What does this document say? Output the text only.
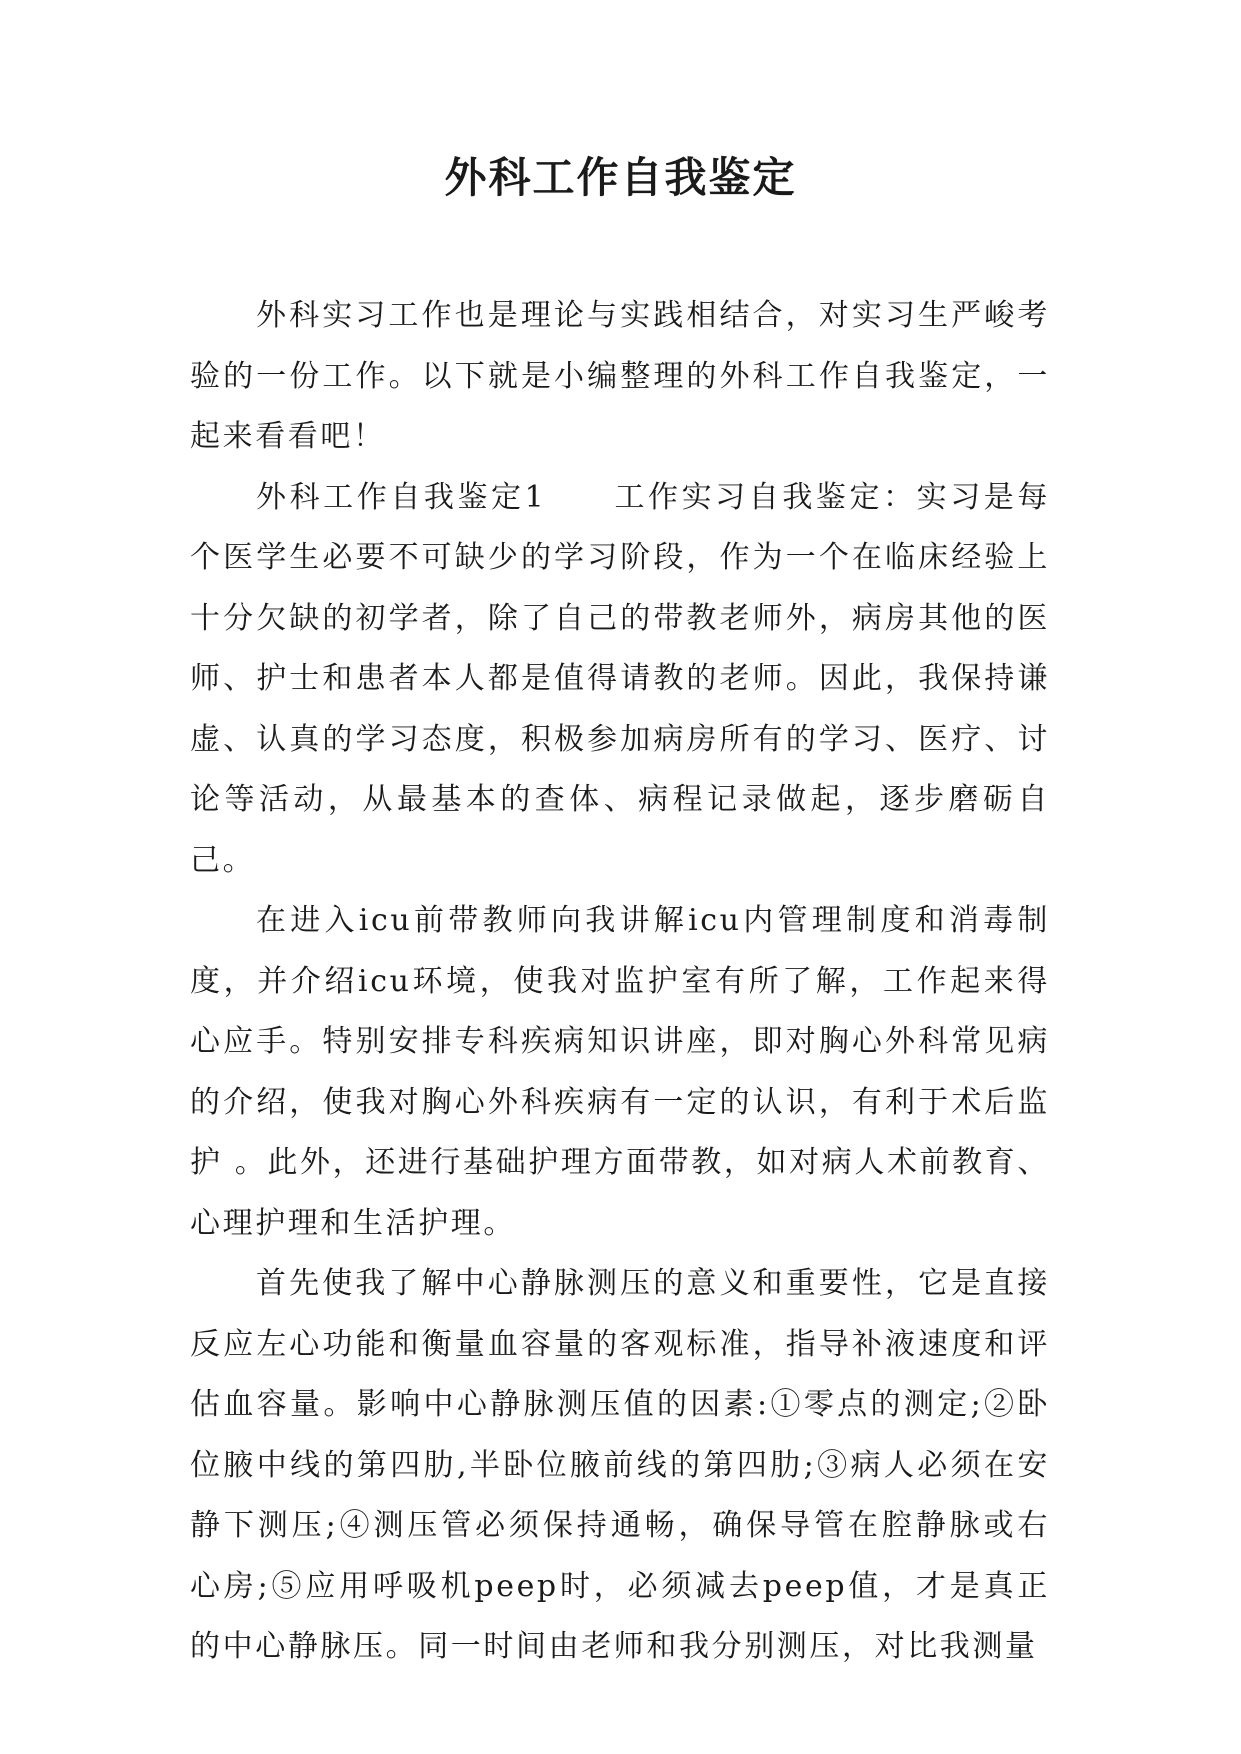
外科工作自我鉴定

外科实习工作也是理论与实践相结合，对实习生严峻考验的一份工作。以下就是小编整理的外科工作自我鉴定，一起来看看吧！

外科工作自我鉴定1　　工作实习自我鉴定：实习是每个医学生必要不可缺少的学习阶段，作为一个在临床经验上十分欠缺的初学者，除了自己的带教老师外，病房其他的医师、护士和患者本人都是值得请教的老师。因此，我保持谦虚、认真的学习态度，积极参加病房所有的学习、医疗、讨论等活动，从最基本的查体、病程记录做起，逐步磨砺自己。

在进入icu前带教师向我讲解icu内管理制度和消毒制度，并介绍icu环境，使我对监护室有所了解，工作起来得心应手。特别安排专科疾病知识讲座，即对胸心外科常见病的介绍，使我对胸心外科疾病有一定的认识，有利于术后监护 。此外，还进行基础护理方面带教，如对病人术前教育、心理护理和生活护理。

首先使我了解中心静脉测压的意义和重要性，它是直接反应左心功能和衡量血容量的客观标准，指导补液速度和评估血容量。影响中心静脉测压值的因素:①零点的测定;②卧位腋中线的第四肋,半卧位腋前线的第四肋;③病人必须在安静下测压;④测压管必须保持通畅，确保导管在腔静脉或右心房;⑤应用呼吸机peep时，必须减去peep值，才是真正的中心静脉压。同一时间由老师和我分别测压，对比我测量
